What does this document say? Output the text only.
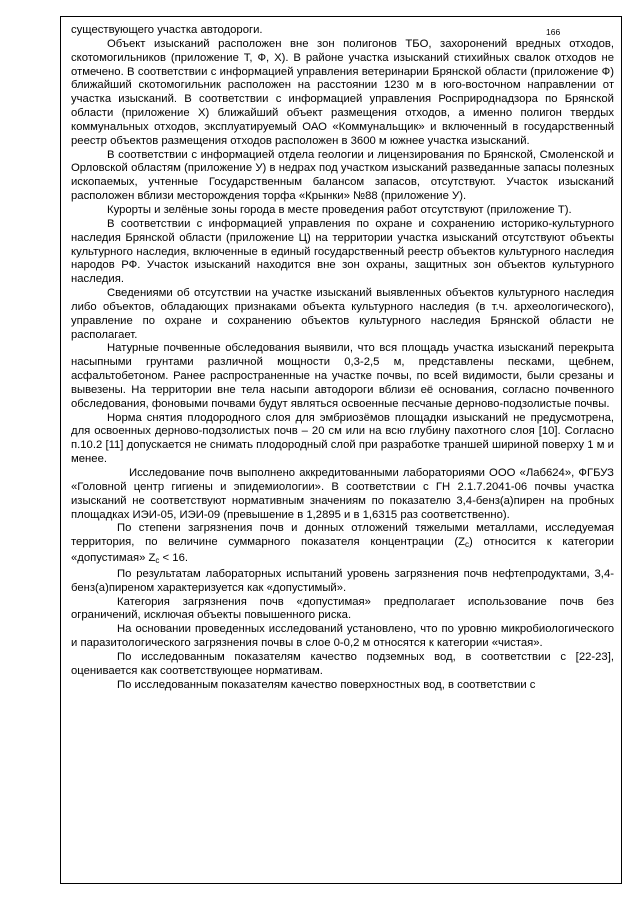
166

существующего участка автодороги.

Объект изысканий расположен вне зон полигонов ТБО, захоронений вредных отходов, скотомогильников (приложение Т, Ф, Х). В районе участка изысканий стихийных свалок отходов не отмечено. В соответствии с информацией управления ветеринарии Брянской области (приложение Ф) ближайший скотомогильник расположен на расстоянии 1230 м в юго-восточном направлении от участка изысканий. В соответствии с информацией управления Росприроднадзора по Брянской области (приложение Х) ближайший объект размещения отходов, а именно полигон твердых коммунальных отходов, эксплуатируемый ОАО «Коммунальщик» и включенный в государственный реестр объектов размещения отходов расположен в 3600 м южнее участка изысканий.

В соответствии с информацией отдела геологии и лицензирования по Брянской, Смоленской и Орловской областям (приложение У) в недрах под участком изысканий разведанные запасы полезных ископаемых, учтенные Государственным балансом запасов, отсутствуют. Участок изысканий расположен вблизи месторождения торфа «Крынки» №88 (приложение У).

Курорты и зелёные зоны города в месте проведения работ отсутствуют (приложение Т).

В соответствии с информацией управления по охране и сохранению историко-культурного наследия Брянской области (приложение Ц) на территории участка изысканий отсутствуют объекты культурного наследия, включенные в единый государственный реестр объектов культурного наследия народов РФ. Участок изысканий находится вне зон охраны, защитных зон объектов культурного наследия.

Сведениями об отсутствии на участке изысканий выявленных объектов культурного наследия либо объектов, обладающих признаками объекта культурного наследия (в т.ч. археологического), управление по охране и сохранению объектов культурного наследия Брянской области не располагает.

Натурные почвенные обследования выявили, что вся площадь участка изысканий перекрыта насыпными грунтами различной мощности 0,3-2,5 м, представлены песками, щебнем, асфальтобетоном. Ранее распространенные на участке почвы, по всей видимости, были срезаны и вывезены. На территории вне тела насыпи автодороги вблизи её основания, согласно почвенного обследования, фоновыми почвами будут являться освоенные песчаные дерново-подзолистые почвы.

Норма снятия плодородного слоя для эмбриозёмов площадки изысканий не предусмотрена, для освоенных дерново-подзолистых почв – 20 см или на всю глубину пахотного слоя [10]. Согласно п.10.2 [11] допускается не снимать плодородный слой при разработке траншей шириной поверху 1 м и менее.

Исследование почв выполнено аккредитованными лабораториями ООО «Лаб624», ФГБУЗ «Головной центр гигиены и эпидемиологии». В соответствии с ГН 2.1.7.2041-06 почвы участка изысканий не соответствуют нормативным значениям по показателю 3,4-бенз(а)пирен на пробных площадках ИЭИ-05, ИЭИ-09 (превышение в 1,2895 и в 1,6315 раз соответственно).

По степени загрязнения почв и донных отложений тяжелыми металлами, исследуемая территория, по величине суммарного показателя концентрации $(Z_c)$ относится к категории «допустимая» $Z_c < 16$.

По результатам лабораторных испытаний уровень загрязнения почв нефтепродуктами, 3,4-бенз(а)пиреном характеризуется как «допустимый».

Категория загрязнения почв «допустимая» предполагает использование почв без ограничений, исключая объекты повышенного риска.

На основании проведенных исследований установлено, что по уровню микробиологического и паразитологического загрязнения почвы в слое 0-0,2 м относятся к категории «чистая».

По исследованным показателям качество подземных вод, в соответствии с [22-23], оценивается как соответствующее нормативам.

По исследованным показателям качество поверхностных вод, в соответствии с
